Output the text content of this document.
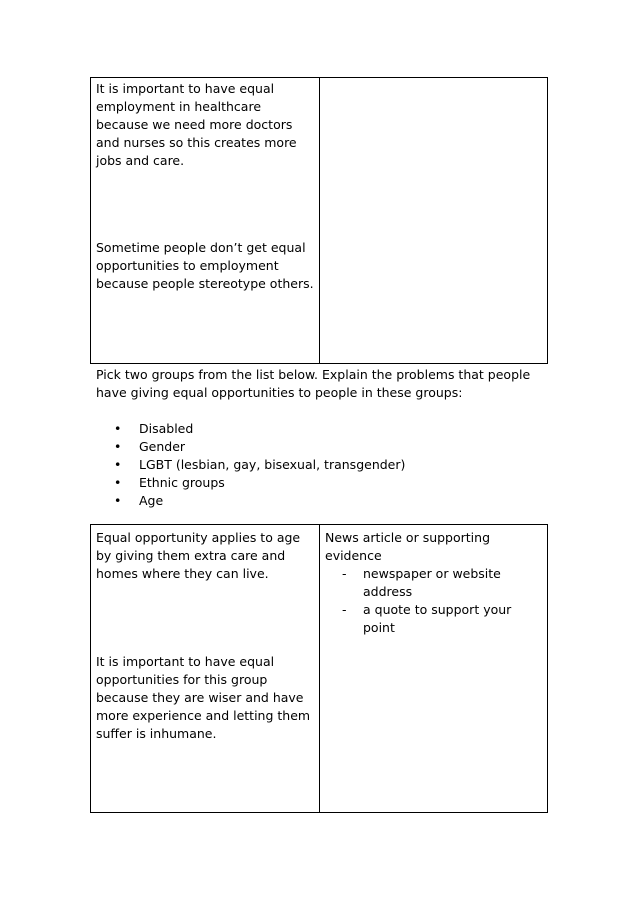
It is important to have equal employment in healthcare because we need more doctors and nurses so this creates more jobs and care.

Sometime people don’t get equal opportunities to employment because people stereotype others.

Pick two groups from the list below. Explain the problems that people have giving equal opportunities to people in these groups:

• Disabled
• Gender
• LGBT (lesbian, gay, bisexual, transgender)
• Ethnic groups
• Age

Equal opportunity applies to age by giving them extra care and homes where they can live.

It is important to have equal opportunities for this group because they are wiser and have more experience and letting them suffer is inhumane.

News article or supporting evidence

- newspaper or website address
- a quote to support your point
